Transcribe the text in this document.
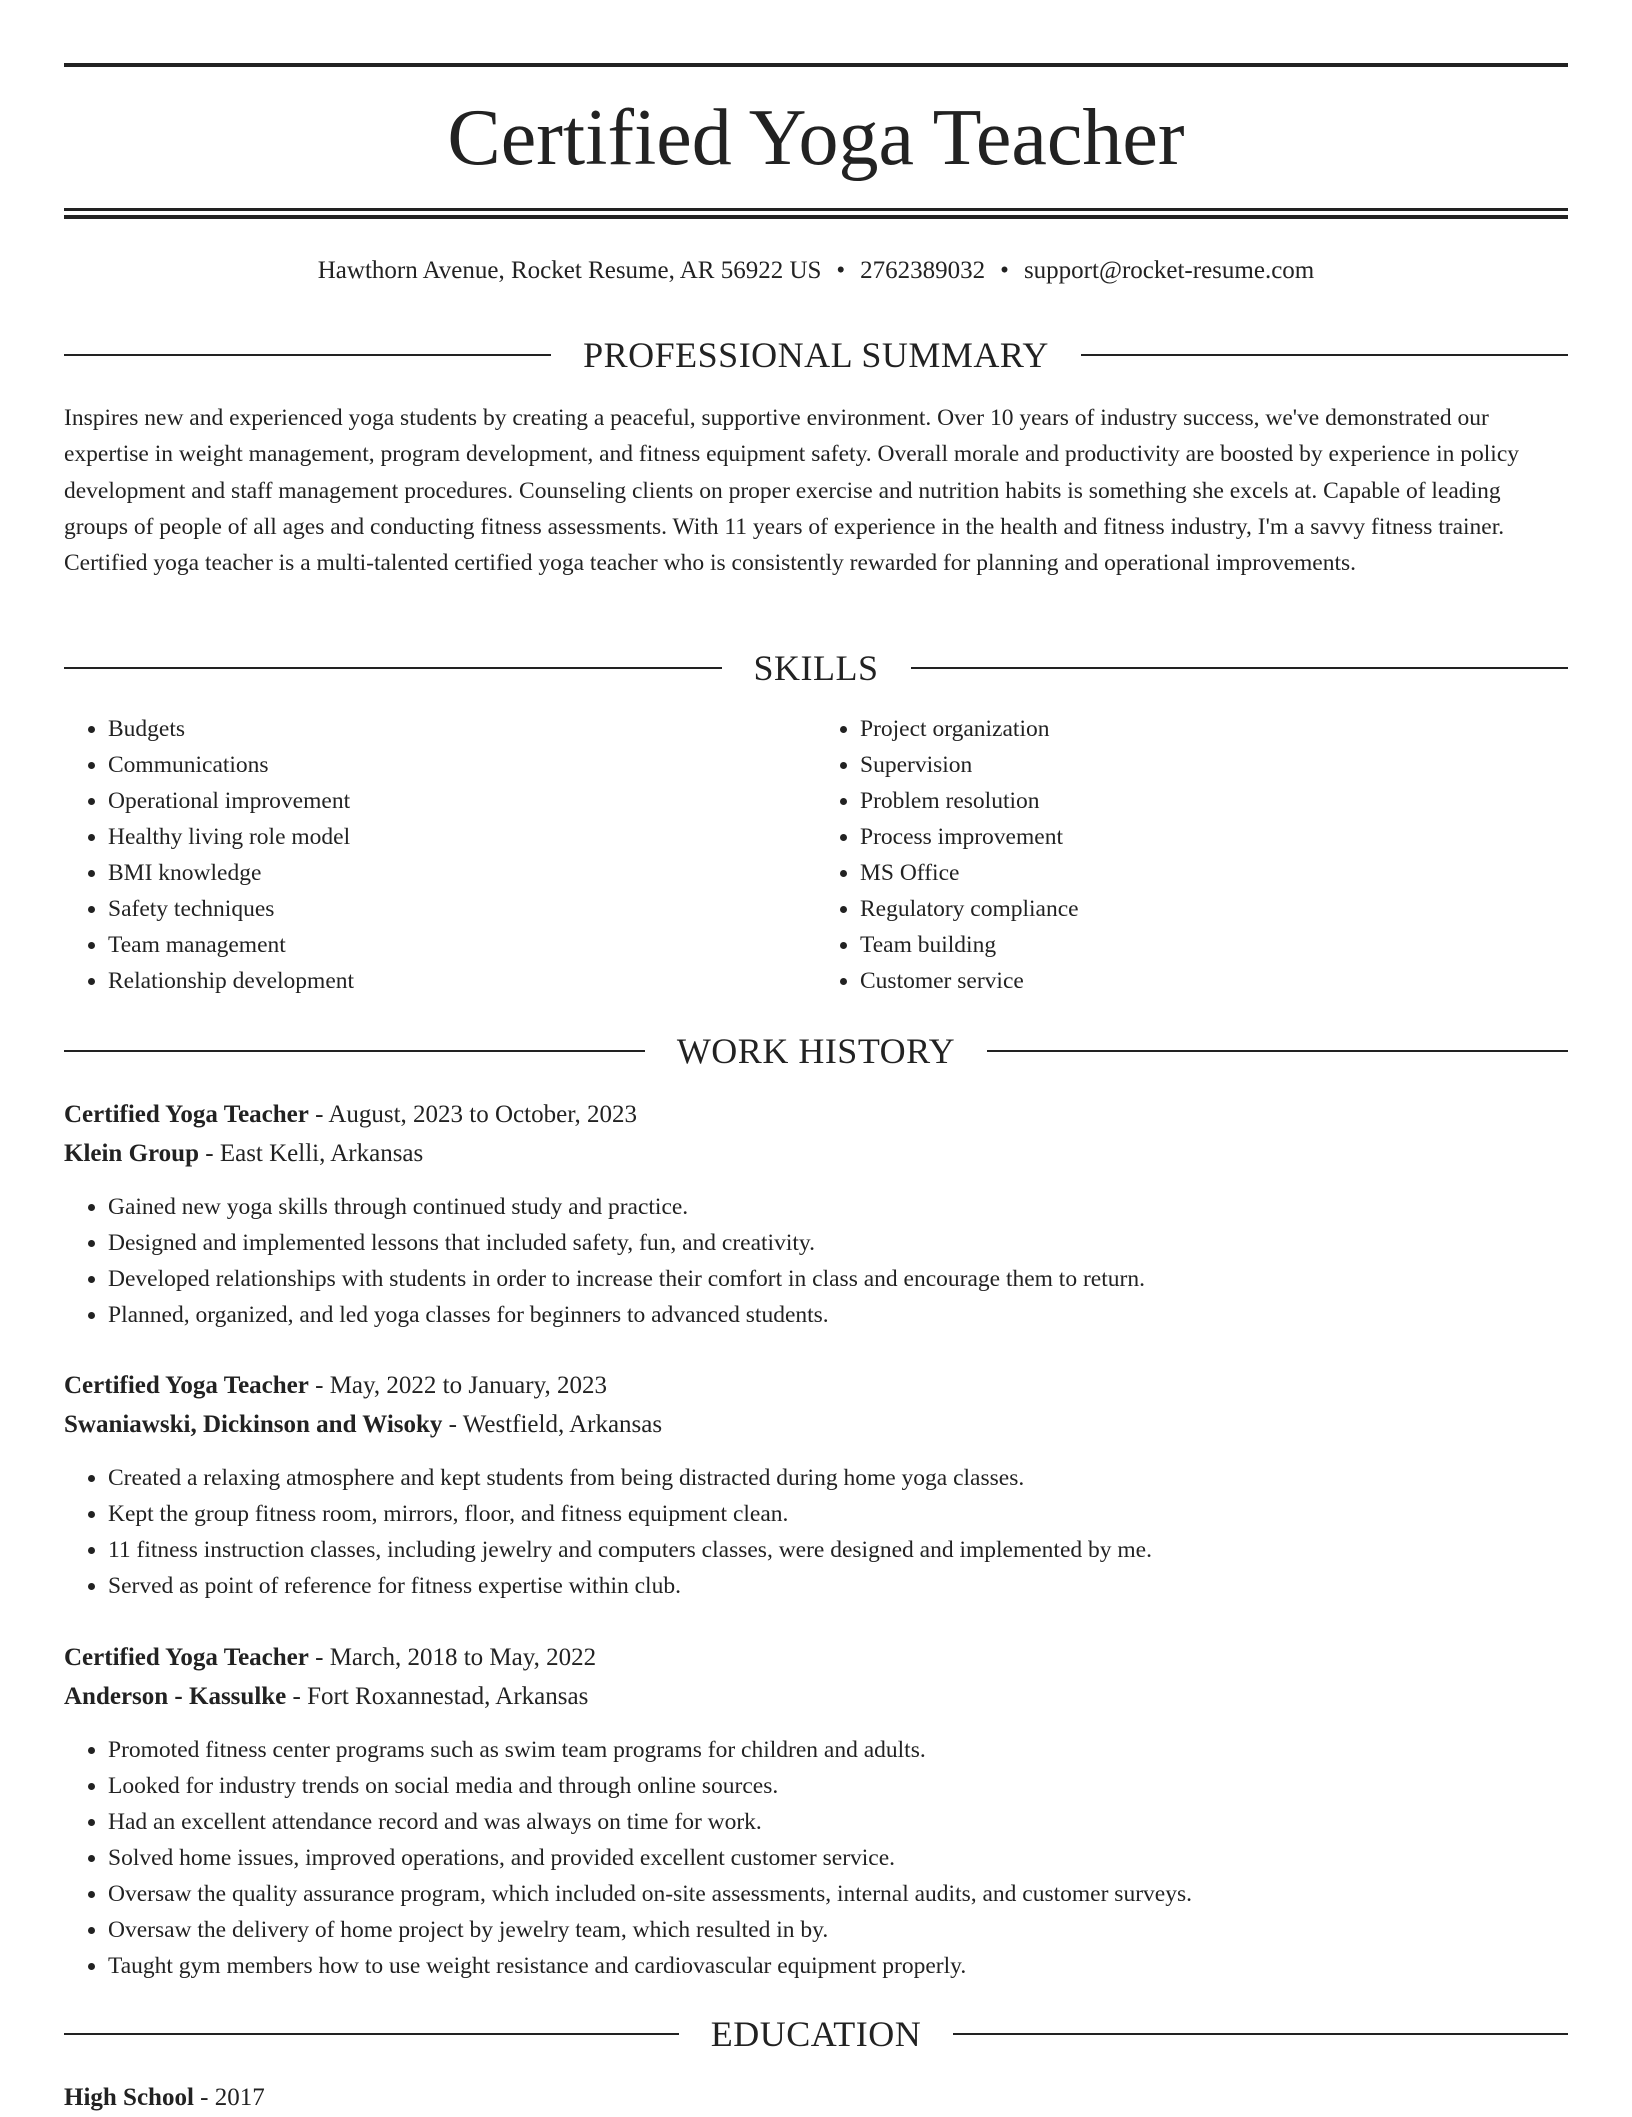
Certified Yoga Teacher
Hawthorn Avenue, Rocket Resume, AR 56922 US • 2762389032 • support@rocket-resume.com
PROFESSIONAL SUMMARY

Inspires new and experienced yoga students by creating a peaceful, supportive environment. Over 10 years of industry success, we've demonstrated our expertise in weight management, program development, and fitness equipment safety. Overall morale and productivity are boosted by experience in policy development and staff management procedures. Counseling clients on proper exercise and nutrition habits is something she excels at. Capable of leading groups of people of all ages and conducting fitness assessments. With 11 years of experience in the health and fitness industry, I'm a savvy fitness trainer. Certified yoga teacher is a multi-talented certified yoga teacher who is consistently rewarded for planning and operational improvements.

SKILLS
• Budgets
• Communications
• Operational improvement
• Healthy living role model
• BMI knowledge
• Safety techniques
• Team management
• Relationship development
• Project organization
• Supervision
• Problem resolution
• Process improvement
• MS Office
• Regulatory compliance
• Team building
• Customer service
WORK HISTORY
Certified Yoga Teacher - August, 2023 to October, 2023
Klein Group - East Kelli, Arkansas
• Gained new yoga skills through continued study and practice.
• Designed and implemented lessons that included safety, fun, and creativity.
• Developed relationships with students in order to increase their comfort in class and encourage them to return.
• Planned, organized, and led yoga classes for beginners to advanced students.
Certified Yoga Teacher - May, 2022 to January, 2023
Swaniawski, Dickinson and Wisoky - Westfield, Arkansas
• Created a relaxing atmosphere and kept students from being distracted during home yoga classes.
• Kept the group fitness room, mirrors, floor, and fitness equipment clean.
• 11 fitness instruction classes, including jewelry and computers classes, were designed and implemented by me.
• Served as point of reference for fitness expertise within club.
Certified Yoga Teacher - March, 2018 to May, 2022
Anderson - Kassulke - Fort Roxannestad, Arkansas
• Promoted fitness center programs such as swim team programs for children and adults.
• Looked for industry trends on social media and through online sources.
• Had an excellent attendance record and was always on time for work.
• Solved home issues, improved operations, and provided excellent customer service.
• Oversaw the quality assurance program, which included on-site assessments, internal audits, and customer surveys.
• Oversaw the delivery of home project by jewelry team, which resulted in by.
• Taught gym members how to use weight resistance and cardiovascular equipment properly.
EDUCATION
High School - 2017
